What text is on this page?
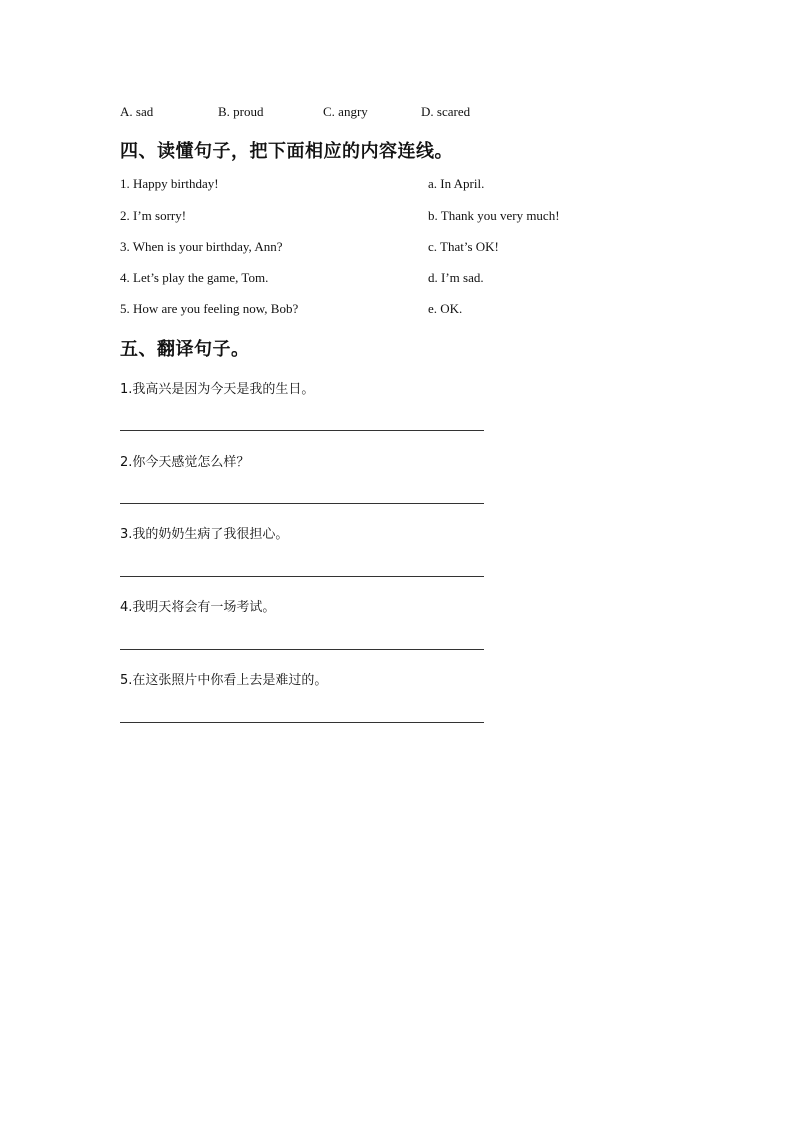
A. sad	B. proud	C. angry	D. scared
四、读懂句子，把下面相应的内容连线。
1. Happy birthday!	a. In April.
2. I’m sorry!	b. Thank you very much!
3. When is your birthday, Ann?	c. That’s OK!
4. Let’s play the game, Tom.	d. I’m sad.
5. How are you feeling now, Bob?	e. OK.
五、翻译句子。
1.我高兴是因为今天是我的生日。
2.你今天感觉怎么样？
3.我的奶奶生病了我很担心。
4.我明天将会有一场考试。
5.在这张照片中你看上去是难过的。
